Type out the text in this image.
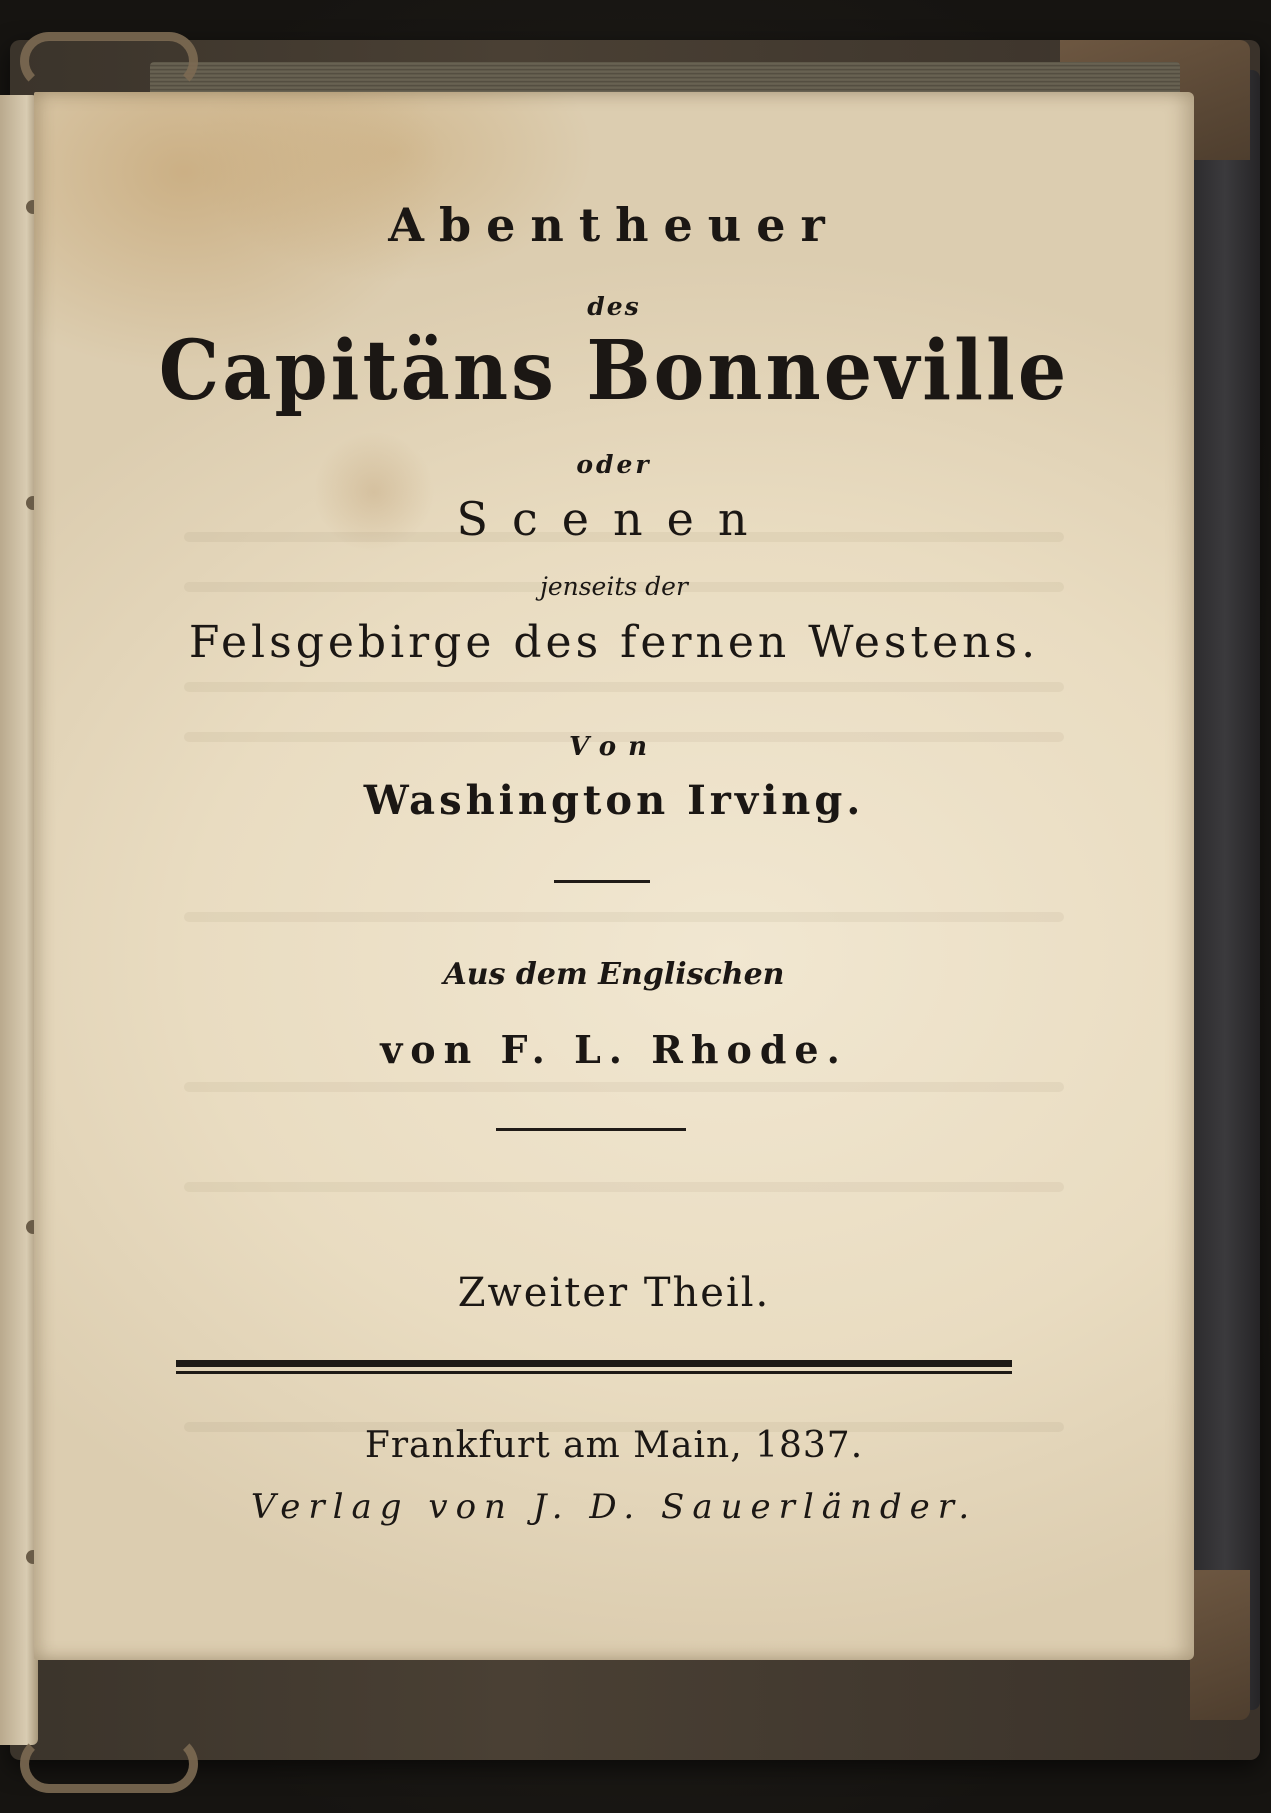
Abentheuer

des

Capitäns Bonneville

oder

Scenen

jenseits der

Felsgebirge des fernen Westens.

Von

Washington Irving.

Aus dem Englischen

von F. L. Rhode.

Zweiter Theil.

Frankfurt am Main, 1837.

Verlag von J. D. Sauerländer.
